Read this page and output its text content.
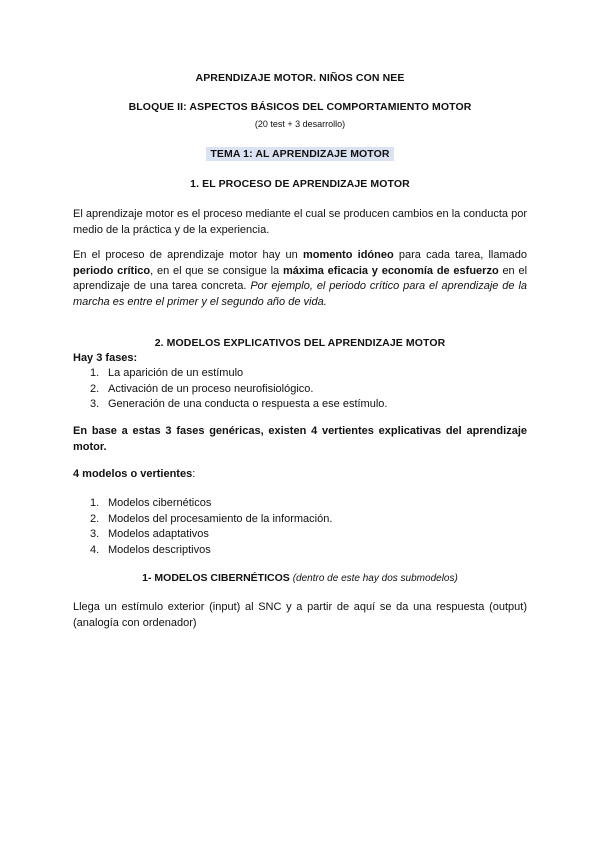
APRENDIZAJE MOTOR. NIÑOS CON NEE
BLOQUE II: ASPECTOS BÁSICOS DEL COMPORTAMIENTO MOTOR
(20 test + 3 desarrollo)
TEMA 1: AL APRENDIZAJE MOTOR
1. EL PROCESO DE APRENDIZAJE MOTOR
El aprendizaje motor es el proceso mediante el cual se producen cambios en la conducta por medio de la práctica y de la experiencia.
En el proceso de aprendizaje motor hay un momento idóneo para cada tarea, llamado periodo crítico, en el que se consigue la máxima eficacia y economía de esfuerzo en el aprendizaje de una tarea concreta. Por ejemplo, el periodo crítico para el aprendizaje de la marcha es entre el primer y el segundo año de vida.
2. MODELOS EXPLICATIVOS DEL APRENDIZAJE MOTOR
Hay 3 fases:
1. La aparición de un estímulo
2. Activación de un proceso neurofisiológico.
3. Generación de una conducta o respuesta a ese estímulo.
En base a estas 3 fases genéricas, existen 4 vertientes explicativas del aprendizaje motor.
4 modelos o vertientes:
1. Modelos cibernéticos
2. Modelos del procesamiento de la información.
3. Modelos adaptativos
4. Modelos descriptivos
1- MODELOS CIBERNÉTICOS (dentro de este hay dos submodelos)
Llega un estímulo exterior (input) al SNC y a partir de aquí se da una respuesta (output) (analogía con ordenador)
